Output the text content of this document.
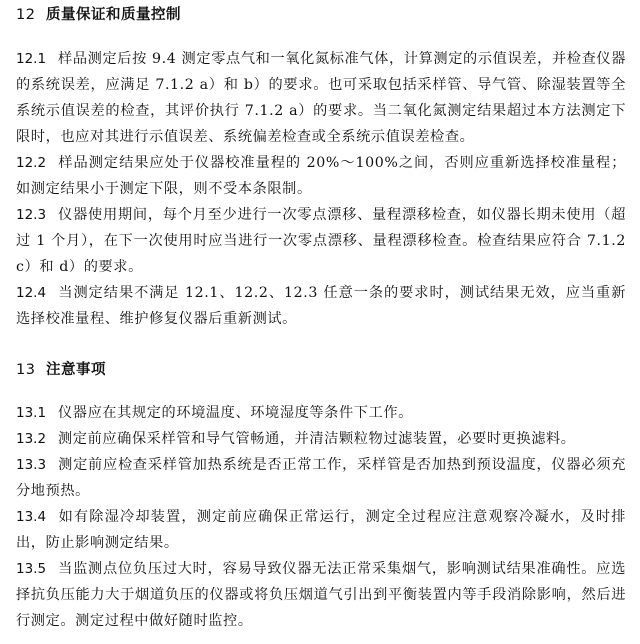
12 质量保证和质量控制
12.1 样品测定后按 9.4 测定零点气和一氧化氮标准气体，计算测定的示值误差，并检查仪器的系统误差，应满足 7.1.2 a）和 b）的要求。也可采取包括采样管、导气管、除湿装置等全系统示值误差的检查，其评价执行 7.1.2 a）的要求。当二氧化氮测定结果超过本方法测定下限时，也应对其进行示值误差、系统偏差检查或全系统示值误差检查。
12.2 样品测定结果应处于仪器校准量程的 20%～100%之间，否则应重新选择校准量程；如测定结果小于测定下限，则不受本条限制。
12.3 仪器使用期间，每个月至少进行一次零点漂移、量程漂移检查，如仪器长期未使用（超过 1 个月），在下一次使用时应当进行一次零点漂移、量程漂移检查。检查结果应符合 7.1.2 c）和 d）的要求。
12.4 当测定结果不满足 12.1、12.2、12.3 任意一条的要求时，测试结果无效，应当重新选择校准量程、维护修复仪器后重新测试。
13 注意事项
13.1 仪器应在其规定的环境温度、环境湿度等条件下工作。
13.2 测定前应确保采样管和导气管畅通，并清洁颗粒物过滤装置，必要时更换滤料。
13.3 测定前应检查采样管加热系统是否正常工作，采样管是否加热到预设温度，仪器必须充分地预热。
13.4 如有除湿冷却装置，测定前应确保正常运行，测定全过程应注意观察冷凝水，及时排出，防止影响测定结果。
13.5 当监测点位负压过大时，容易导致仪器无法正常采集烟气，影响测试结果准确性。应选择抗负压能力大于烟道负压的仪器或将负压烟道气引出到平衡装置内等手段消除影响，然后进行测定。测定过程中做好随时监控。
